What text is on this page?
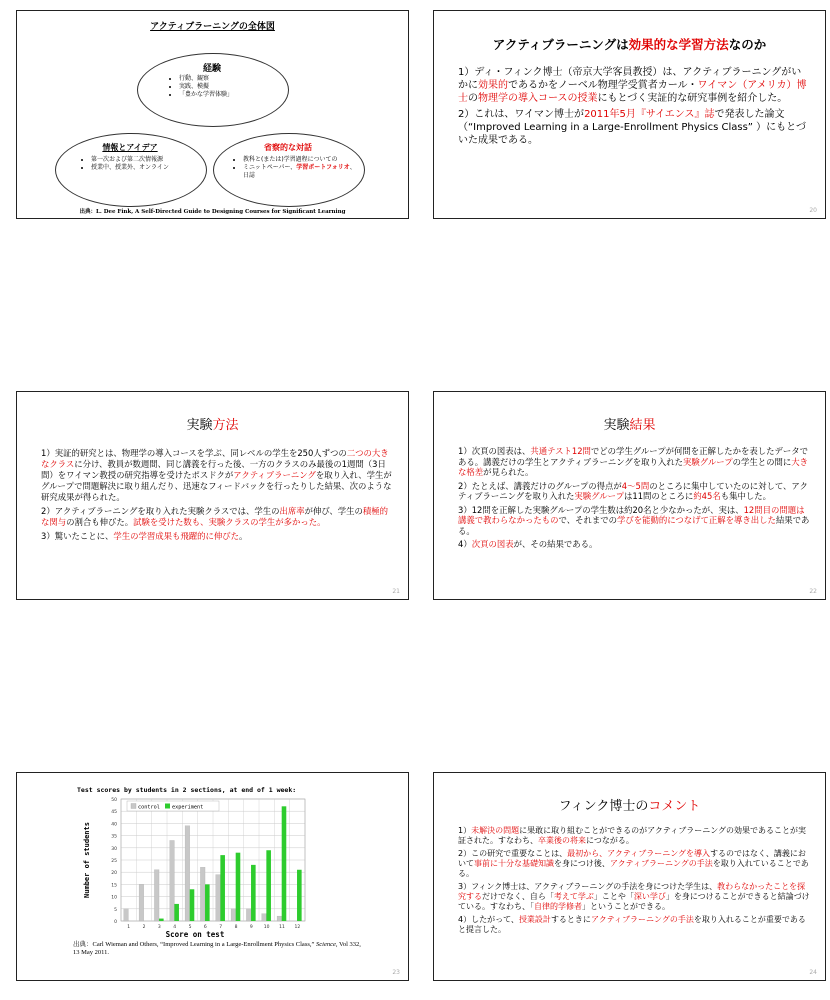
アクティブラーニングの全体図
経験
• 行動、観察
• 実践、模擬
• 「豊かな学習体験」
情報とアイデア
• 第一次および第二次情報源
• 授業中、授業外、オンライン
省察的な対話
• 教科と(または)学習過程についての
• ミニットペーパー、学習ポートフォリオ、日誌
出典：L. Dee Fink, A Self-Directed Guide to Designing Courses for Significant Learning
アクティブラーニングは効果的な学習方法なのか

1）ディ・フィンク博士（帝京大学客員教授）は、アクティブラーニングがいかに効果的であるかをノーベル物理学受賞者カール・ワイマン（アメリカ）博士の物理学の導入コースの授業にもとづく実証的な研究事例を紹介した。

2）これは、ワイマン博士が2011年5月『サイエンス』誌で発表した論文（“Improved Learning in a Large-Enrollment Physics Class” ）にもとづいた成果である。

20
実験方法

1）実証的研究とは、物理学の導入コースを学ぶ、同レベルの学生を250人ずつの二つの大きなクラスに分け、教員が数週間、同じ講義を行った後、一方のクラスのみ最後の1週間（3日間）をワイマン教授の研究指導を受けたポスドクがアクティブラーニングを取り入れ、学生がグループで問題解決に取り組んだり、迅速なフィードバックを行ったりした結果、次のような研究成果が得られた。

2）アクティブラーニングを取り入れた実験クラスでは、学生の出席率が伸び、学生の積極的な関与の割合も伸びた。試験を受けた数も、実験クラスの学生が多かった。

3）驚いたことに、学生の学習成果も飛躍的に伸びた。

21
実験結果

1）次頁の図表は、共通テスト12問でどの学生グループが何問を正解したかを表したデータである。講義だけの学生とアクティブラーニングを取り入れた実験グループの学生との間に大きな格差が見られた。

2）たとえば、講義だけのグループの得点が4～5問のところに集中していたのに対して、アクティブラーニングを取り入れた実験グループは11問のところに約45名も集中した。

3）12問を正解した実験グループの学生数は約20名と少なかったが、実は、12問目の問題は講義で教わらなかったもので、それまでの学びを能動的につなげて正解を導き出した結果である。

4）次頁の図表が、その結果である。

22
Test scores by students in 2 sections, at end of 1 week:
0
5
10
15
20
25
30
35
40
45
50
1	2	3	4	5	6	7	8	9 10 11 12
Score on test
Number of students
control experiment
出典：Carl Wieman and Others, “Improved Learning in a Large-Enrollment Physics Class,” Science, Vol 332, 13 May 2011.
23
フィンク博士のコメント

1）未解決の問題に果敢に取り組むことができるのがアクティブラーニングの効果であることが実証された。すなわち、卒業後の将来につながる。

2）この研究で重要なことは、最初から、アクティブラーニングを導入するのではなく、講義において事前に十分な基礎知識を身につけ後、アクティブラーニングの手法を取り入れていることである。

3）フィンク博士は、アクティブラーニングの手法を身につけた学生は、教わらなかったことを探究するだけでなく、自ら「考えて学ぶ」ことや「深い学び」を身につけることができると結論づけている。すなわち、「自律的学修者」ということができる。

4）したがって、授業設計するときにアクティブラーニングの手法を取り入れることが重要であると提言した。

24
